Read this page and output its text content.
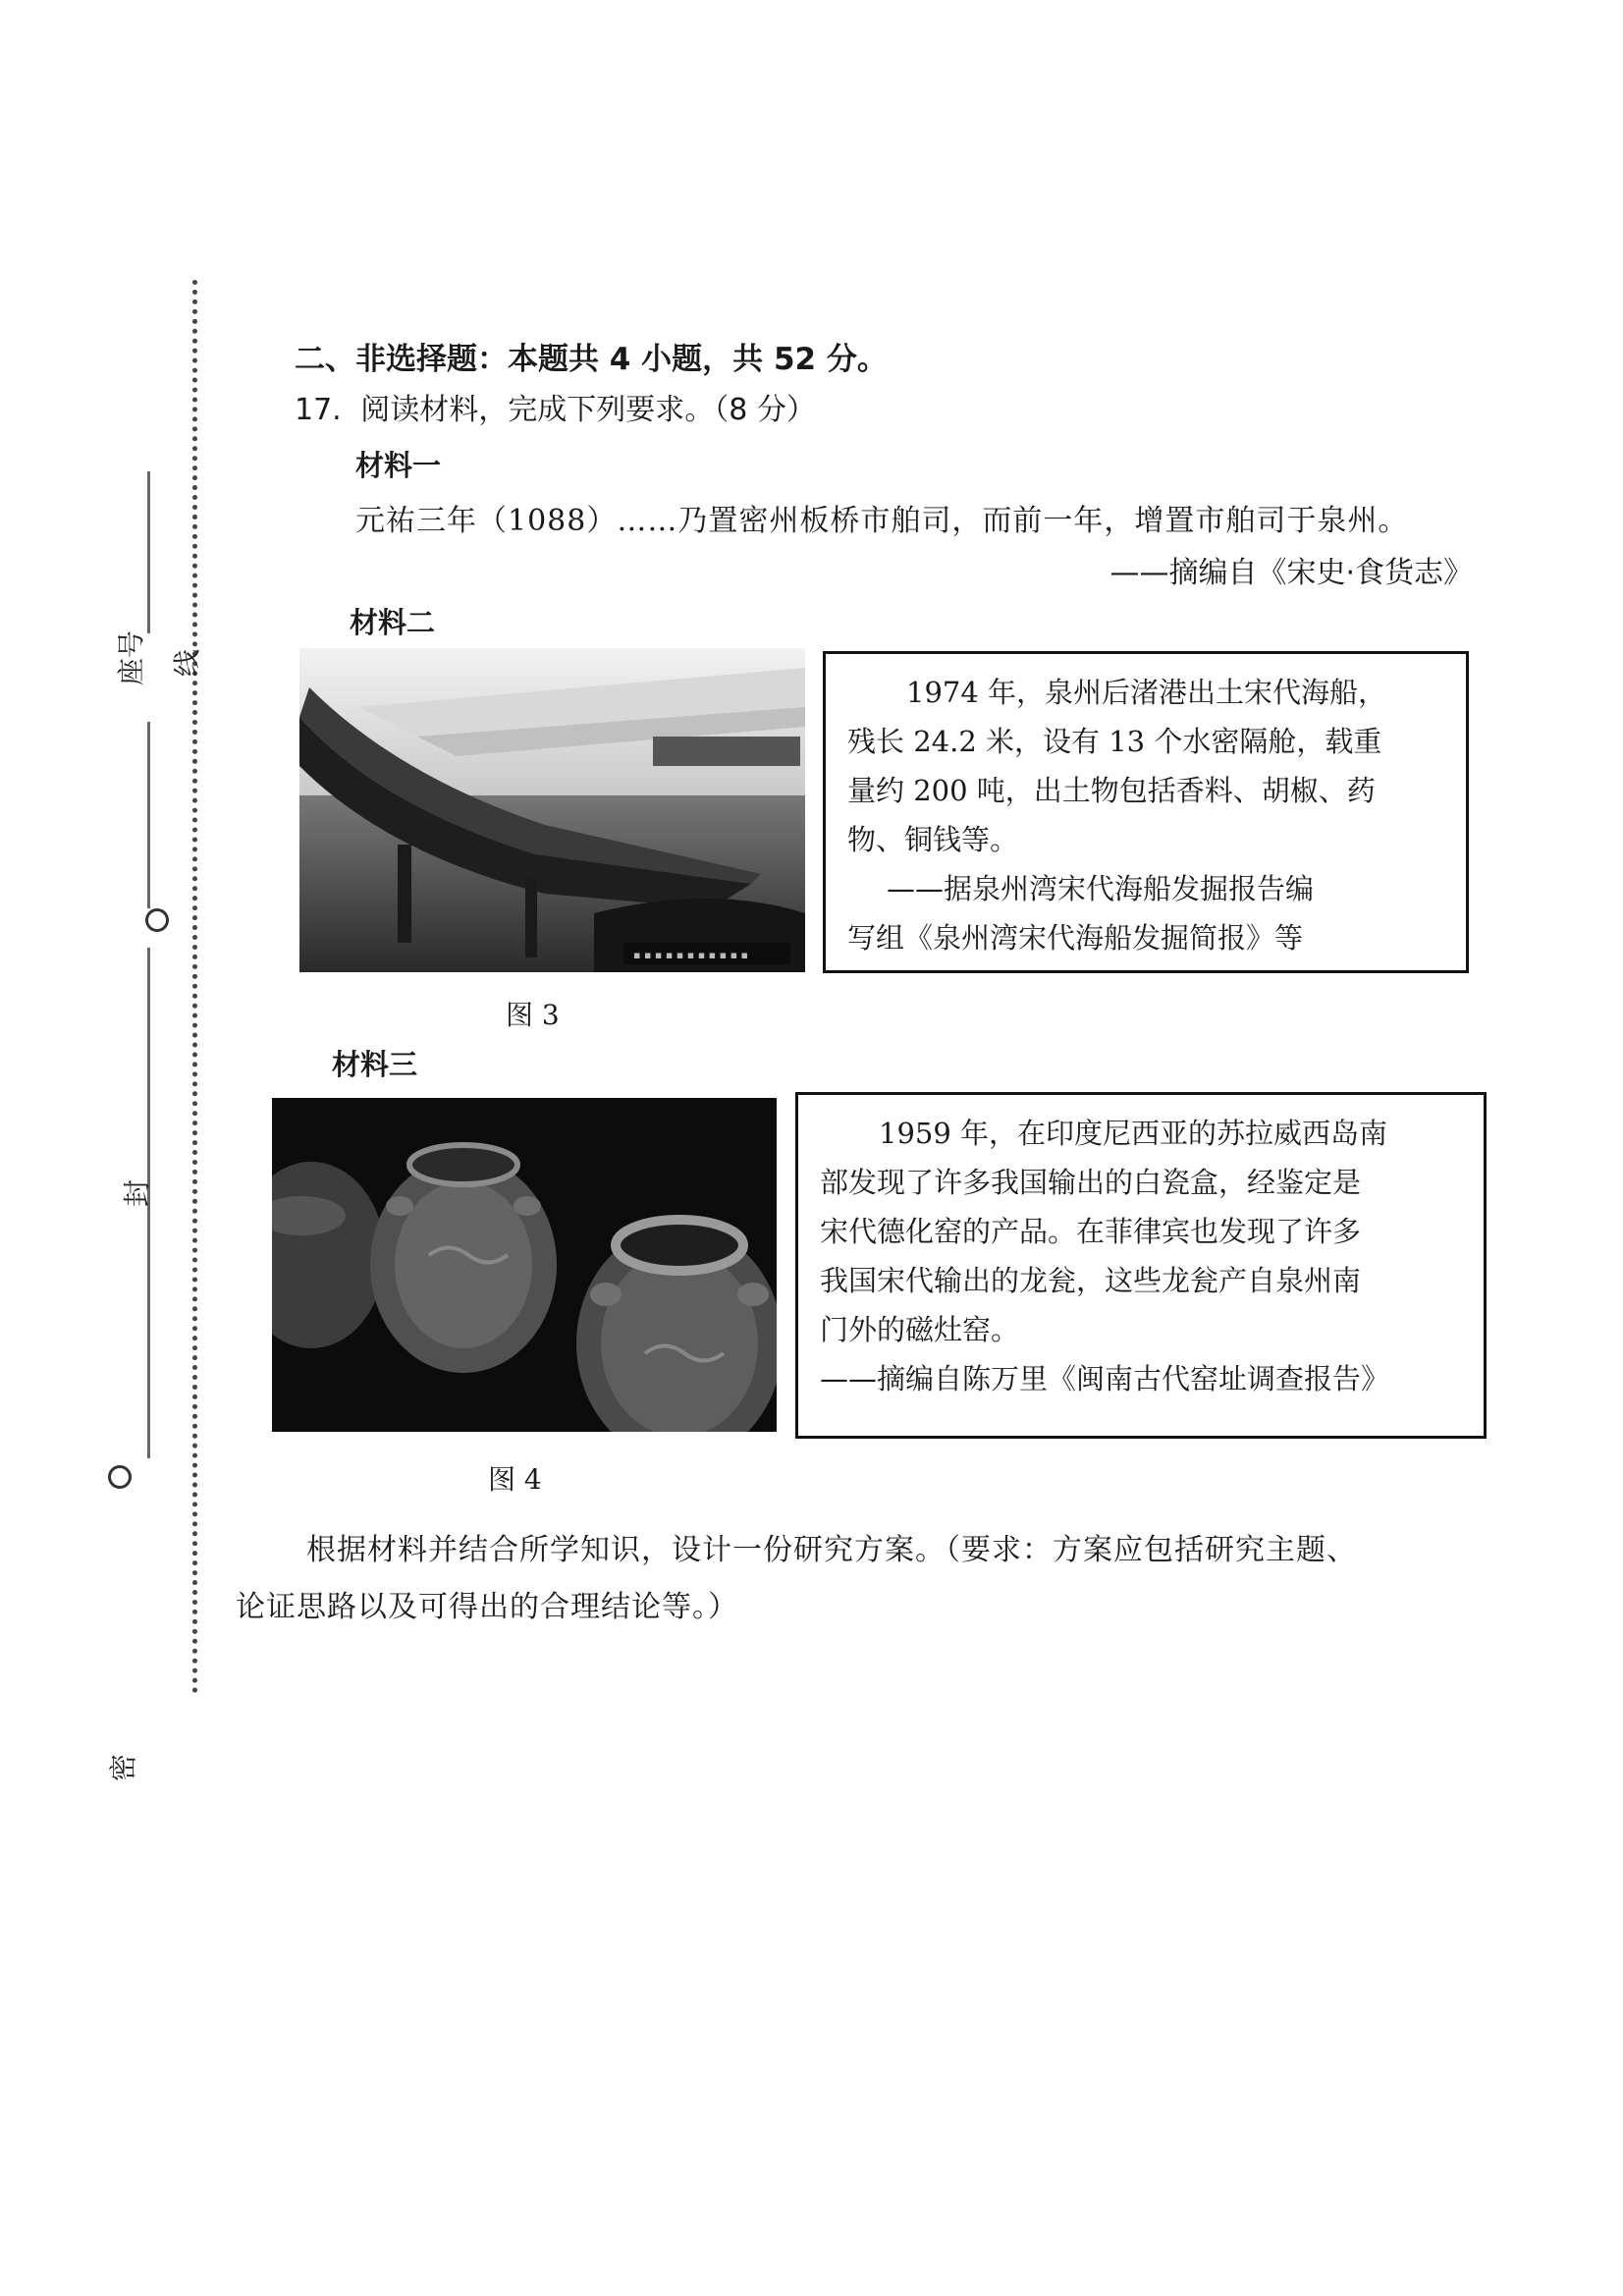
座号 线
封
密
二、非选择题：本题共 4 小题，共 52 分。
17. 阅读材料，完成下列要求。（8 分）
材料一
元祐三年（1088）……乃置密州板桥市舶司，而前一年，增置市舶司于泉州。
——摘编自《宋史·食货志》
材料二
▪ ▪ ▪ ▪ ▪ ▪ ▪ ▪ ▪ ▪ ▪

1974 年，泉州后渚港出土宋代海船，

残长 24.2 米，设有 13 个水密隔舱，载重

量约 200 吨，出土物包括香料、胡椒、药

物、铜钱等。

——据泉州湾宋代海船发掘报告编

写组《泉州湾宋代海船发掘简报》等

图 3
材料三

1959 年，在印度尼西亚的苏拉威西岛南

部发现了许多我国输出的白瓷盒，经鉴定是

宋代德化窑的产品。在菲律宾也发现了许多

我国宋代输出的龙瓮，这些龙瓮产自泉州南

门外的磁灶窑。

——摘编自陈万里《闽南古代窑址调查报告》

图 4
根据材料并结合所学知识，设计一份研究方案。（要求：方案应包括研究主题、
论证思路以及可得出的合理结论等。）
